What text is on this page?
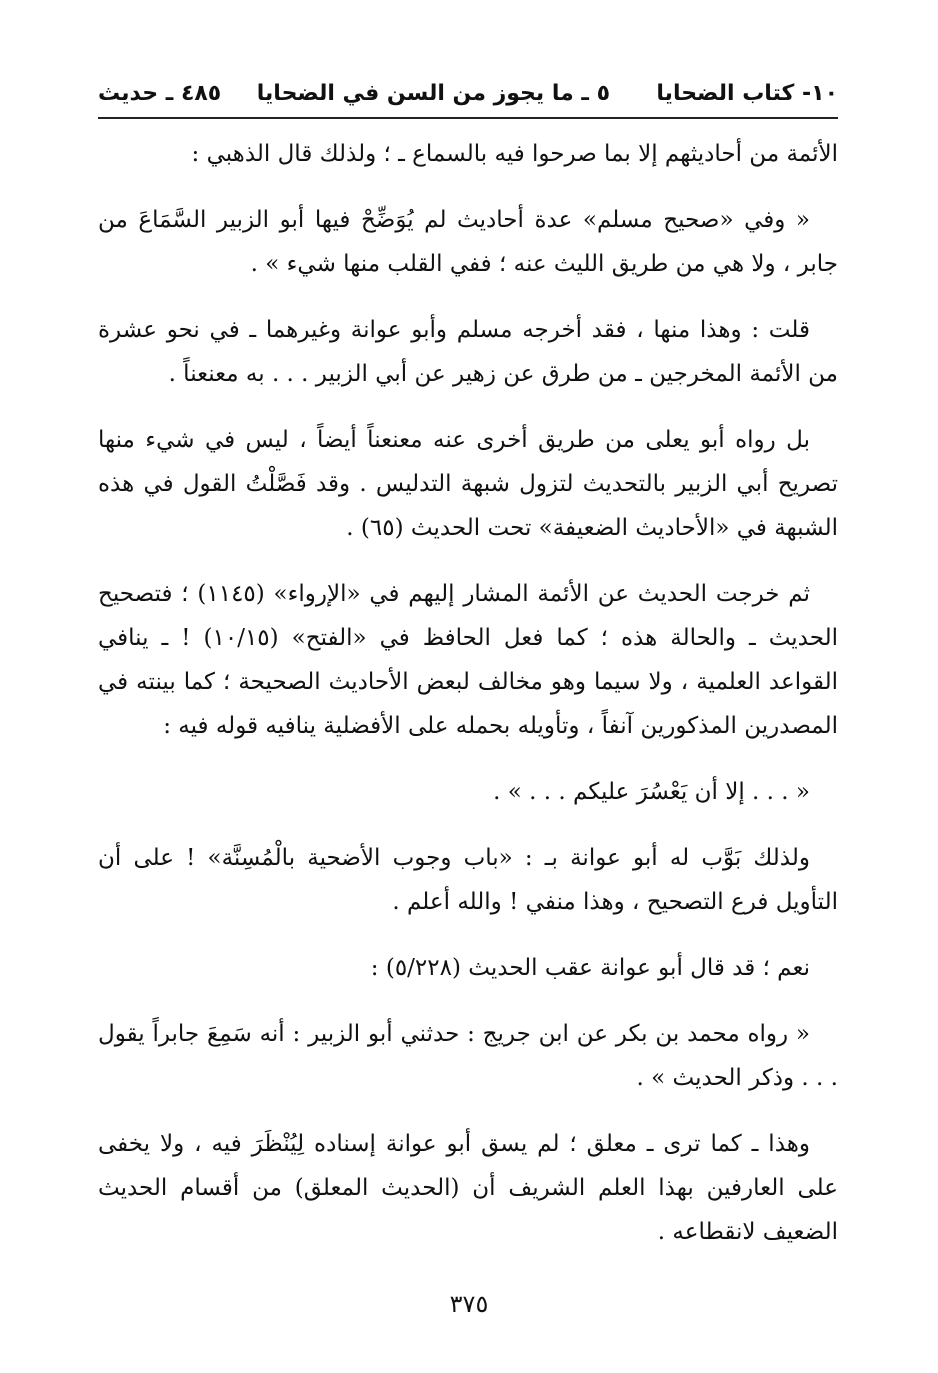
١٠- كتاب الضحايا
٥ ـ ما يجوز من السن في الضحايا
٤٨٥ ـ حديث

الأئمة من أحاديثهم إلا بما صرحوا فيه بالسماع ـ ؛ ولذلك قال الذهبي :

« وفي «صحيح مسلم» عدة أحاديث لم يُوَضِّحْ فيها أبو الزبير السَّمَاعَ من جابر ، ولا هي من طريق الليث عنه ؛ ففي القلب منها شيء » .

قلت : وهذا منها ، فقد أخرجه مسلم وأبو عوانة وغيرهما ـ في نحو عشرة من الأئمة المخرجين ـ من طرق عن زهير عن أبي الزبير . . . به معنعناً .

بل رواه أبو يعلى من طريق أخرى عنه معنعناً أيضاً ، ليس في شيء منها تصريح أبي الزبير بالتحديث لتزول شبهة التدليس . وقد فَصَّلْتُ القول في هذه الشبهة في «الأحاديث الضعيفة» تحت الحديث (٦٥) .

ثم خرجت الحديث عن الأئمة المشار إليهم في «الإرواء» (١١٤٥) ؛ فتصحيح الحديث ـ والحالة هذه ؛ كما فعل الحافظ في «الفتح» (١٠/١٥) ! ـ ينافي القواعد العلمية ، ولا سيما وهو مخالف لبعض الأحاديث الصحيحة ؛ كما بينته في المصدرين المذكورين آنفاً ، وتأويله بحمله على الأفضلية ينافيه قوله فيه :

« . . . إلا أن يَعْسُرَ عليكم . . . » .

ولذلك بَوَّب له أبو عوانة بـ : «باب وجوب الأضحية بالْمُسِنَّة» ! على أن التأويل فرع التصحيح ، وهذا منفي ! والله أعلم .

نعم ؛ قد قال أبو عوانة عقب الحديث (٥/٢٢٨) :

« رواه محمد بن بكر عن ابن جريج : حدثني أبو الزبير : أنه سَمِعَ جابراً يقول . . . وذكر الحديث » .

وهذا ـ كما ترى ـ معلق ؛ لم يسق أبو عوانة إسناده لِيُنْظَرَ فيه ، ولا يخفى على العارفين بهذا العلم الشريف أن (الحديث المعلق) من أقسام الحديث الضعيف لانقطاعه .

٣٧٥
